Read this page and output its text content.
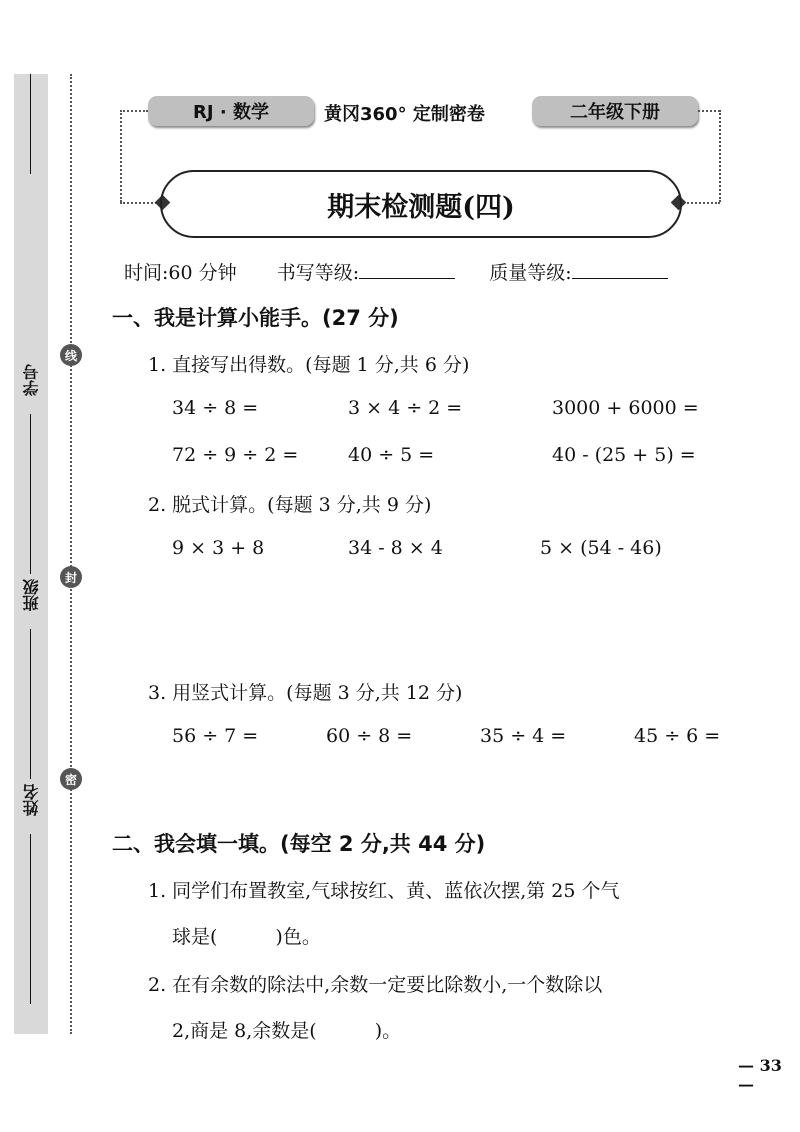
学号
班级
姓名
线
封
密
RJ · 数学	黄冈360° 定制密卷	二年级下册
期末检测题(四)
时间:60 分钟 书写等级:	质量等级:
一、我是计算小能手。(27 分)
1. 直接写出得数。(每题 1 分,共 6 分)
34 ÷ 8 =	3 × 4 ÷ 2 =	3000 + 6000 =
72 ÷ 9 ÷ 2 =	40 ÷ 5 =	40 - (25 + 5) =
2. 脱式计算。(每题 3 分,共 9 分)
9 × 3 + 8	34 - 8 × 4	5 × (54 - 46)
3. 用竖式计算。(每题 3 分,共 12 分)
56 ÷ 7 =	60 ÷ 8 =	35 ÷ 4 =	45 ÷ 6 =
二、我会填一填。(每空 2 分,共 44 分)
1. 同学们布置教室,气球按红、黄、蓝依次摆,第 25 个气
球是(	)色。
2. 在有余数的除法中,余数一定要比除数小,一个数除以
2,商是 8,余数是(	)。
— 33 —
